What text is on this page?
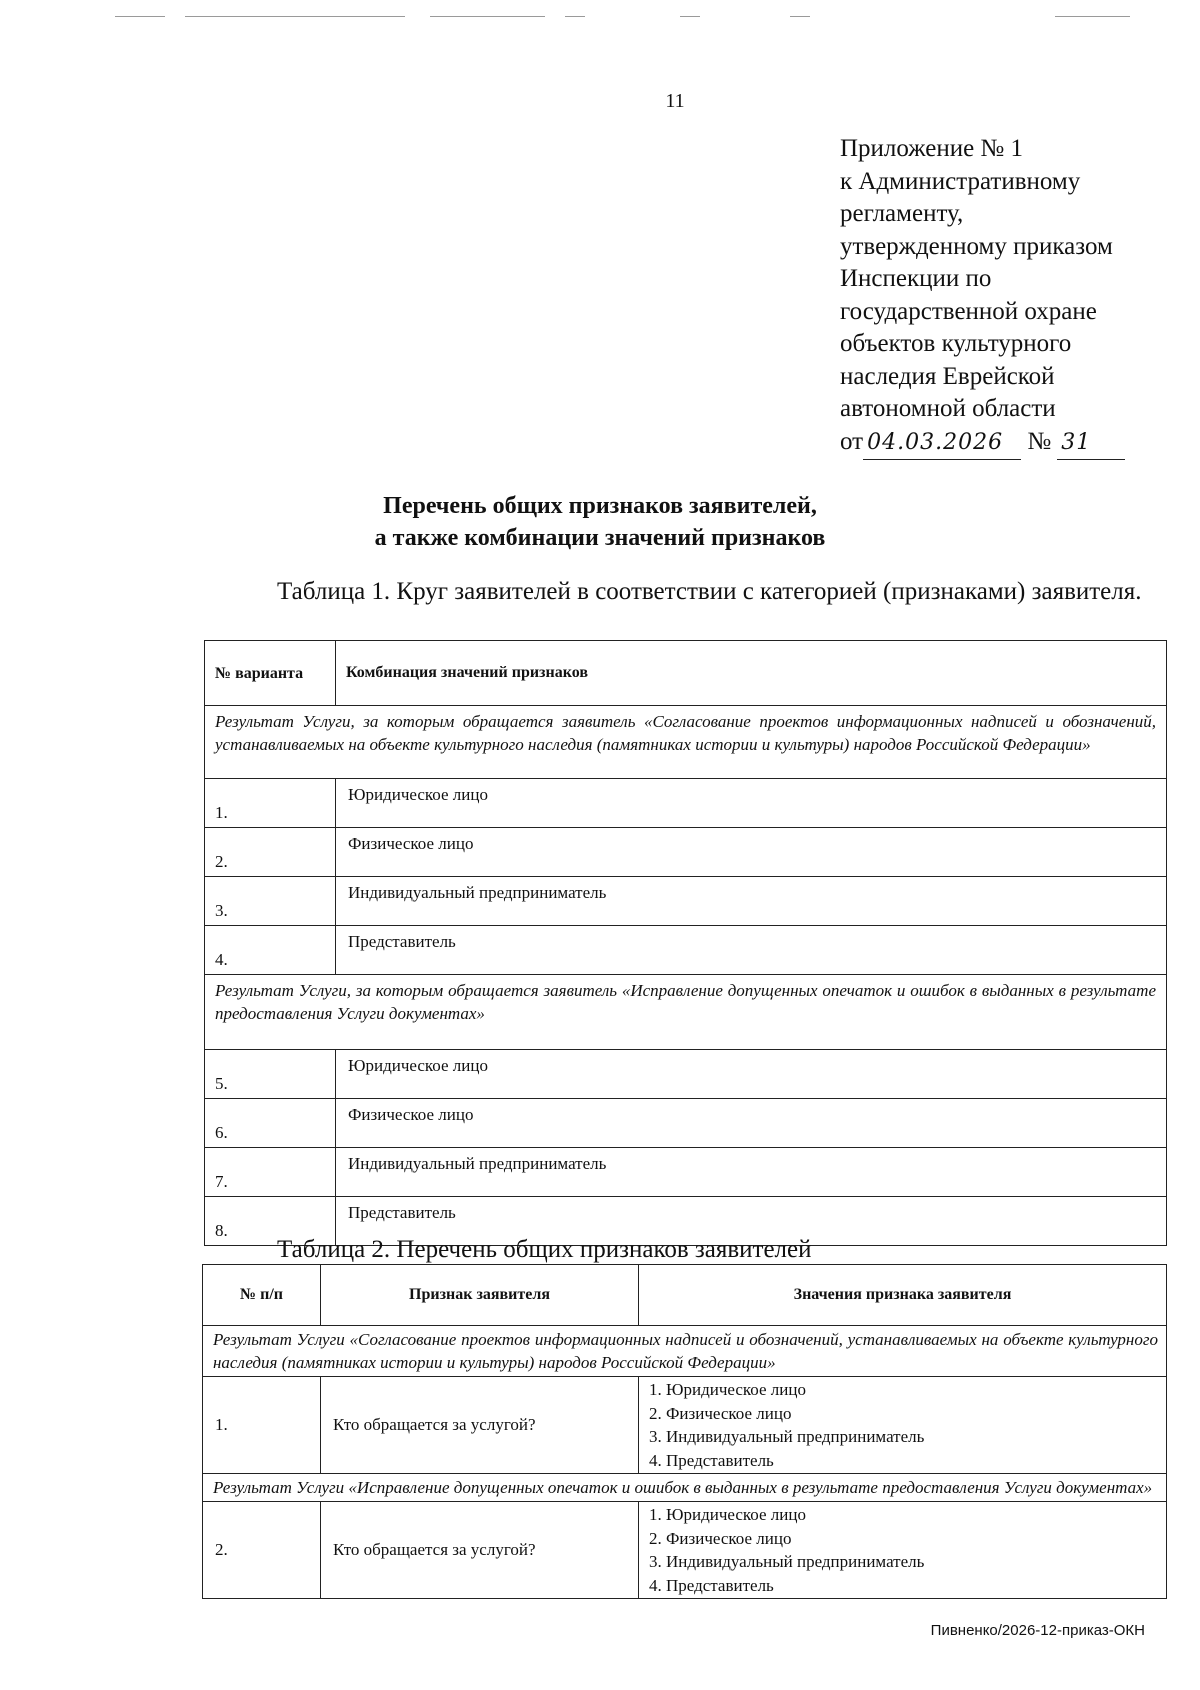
11
Приложение № 1
к Административному
регламенту,
утвержденному приказом
Инспекции по
государственной охране
объектов культурного
наследия Еврейской
автономной области
от 04.03.2026 № 31
Перечень общих признаков заявителей,
а также комбинации значений признаков
Таблица 1. Круг заявителей в соответствии с категорией (признаками) заявителя.
№ варианта	Комбинация значений признаков
Результат Услуги, за которым обращается заявитель «Согласование проектов информационных надписей и обозначений, устанавливаемых на объекте культурного наследия (памятниках истории и культуры) народов Российской Федерации»	
1.	Юридическое лицо
2.	Физическое лицо
3.	Индивидуальный предприниматель
4.	Представитель
Результат Услуги, за которым обращается заявитель «Исправление допущенных опечаток и ошибок в выданных в результате предоставления Услуги документах»	
5.	Юридическое лицо
6.	Физическое лицо
7.	Индивидуальный предприниматель
8.	Представитель
Таблица 2. Перечень общих признаков заявителей
№ п/п	Признак заявителя	Значения признака заявителя
Результат Услуги «Согласование проектов информационных надписей и обозначений, устанавливаемых на объекте культурного наследия (памятниках истории и культуры) народов Российской Федерации»		
1.	Кто обращается за услугой?	1. Юридическое лицо
2. Физическое лицо
3. Индивидуальный предприниматель
4. Представитель

Результат Услуги «Исправление допущенных опечаток и ошибок в выданных в результате предоставления Услуги документах»		
2.	Кто обращается за услугой?	1. Юридическое лицо
2. Физическое лицо
3. Индивидуальный предприниматель
4. Представитель
Пивненко/2026-12-приказ-ОКН
